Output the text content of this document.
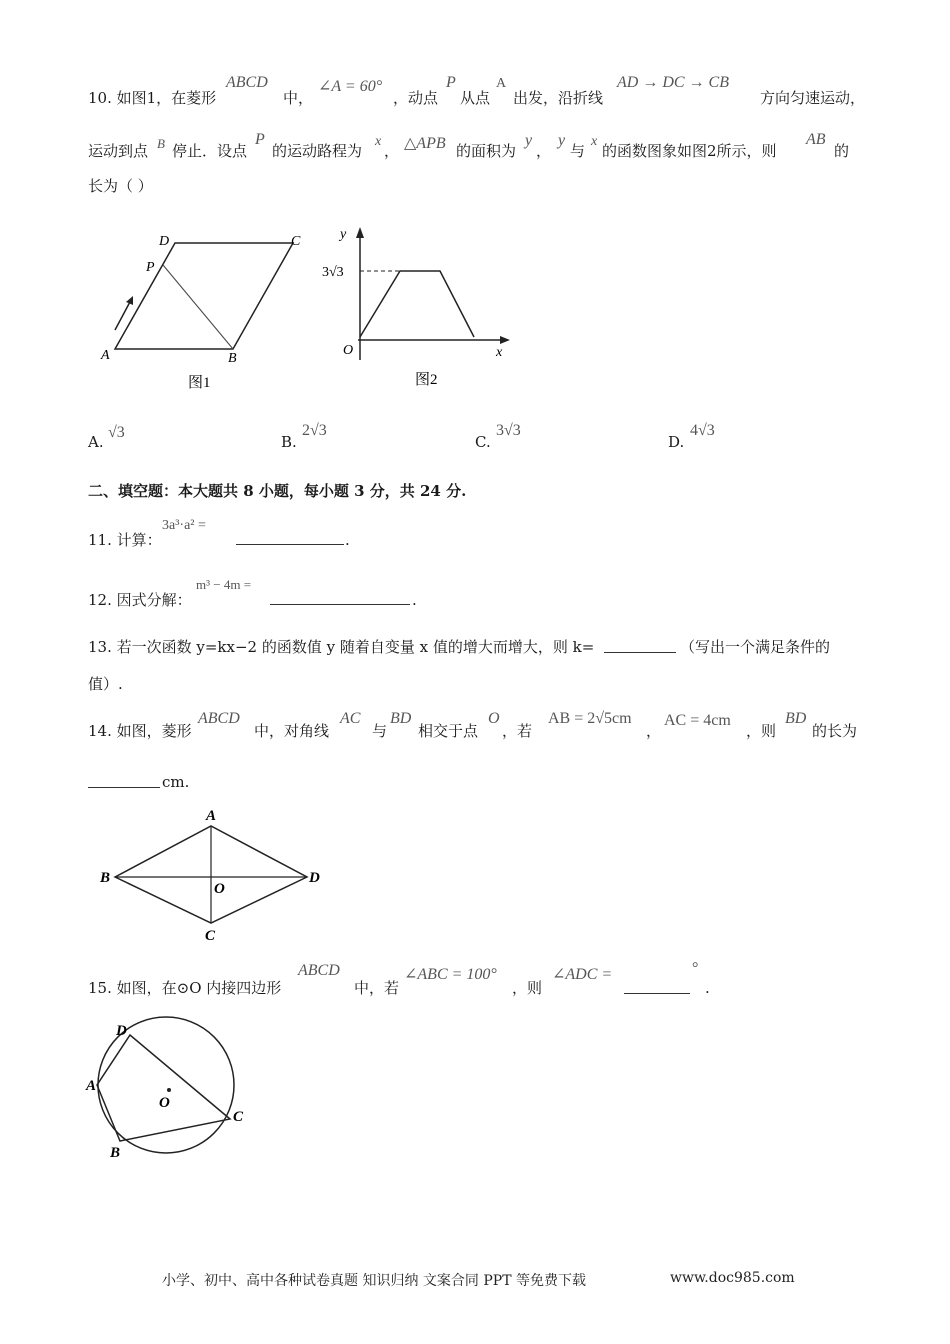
10. 如图1，在菱形
ABCD
中，
∠A = 60°
，动点
P
从点
A
出发，沿折线
AD → DC → CB
方向匀速运动，
运动到点 B 停止．设点
P
的运动路程为
x
， △APB 的面积为
y
，
y
与
x
的函数图象如图2所示，则
AB
的
长为（ ）
D	C
P
A	B
图1
y
x
O
3√3
图2
A.
√3
B.
2√3
C.
3√3
D.
4√3
二、填空题：本大题共 8 小题，每小题 3 分，共 24 分.
11. 计算：
3a³·a² =
.
12. 因式分解：
m³ − 4m =
.
13. 若一次函数 y=kx−2 的函数值 y 随着自变量 x 值的增大而增大，则 k=	（写出一个满足条件的
值）.
14. 如图，菱形
ABCD
中，对角线
AC
与
BD
相交于点
O
，若
AB = 2√5cm
，
AC = 4cm
，则
BD
的长为
cm.
A
B	D
C
O
15. 如图，在⊙O 内接四边形
ABCD
中，若
∠ABC = 100°
，则
∠ADC =	°
.
D
A
B
C
O
小学、初中、高中各种试卷真题 知识归纳 文案合同 PPT 等免费下载	www.doc985.com
